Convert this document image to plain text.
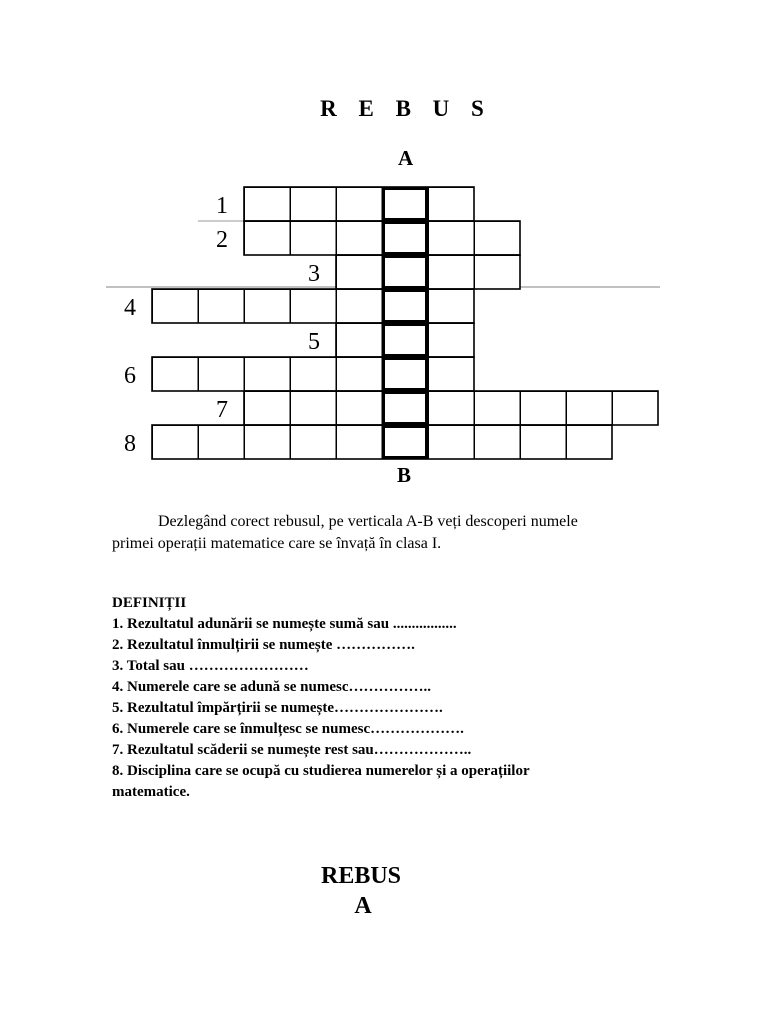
R E B U S
A
1
2
3
4
5
6
7
8
B
Dezlegând corect rebusul, pe verticala A-B veți descoperi numele
primei operații matematice care se învață în clasa I.
DEFINIȚII
1. Rezultatul adunării se numește sumă sau .................
2. Rezultatul înmulțirii se numește …………….
3. Total sau ……………………
4. Numerele care se adună se numesc……………..
5. Rezultatul împărțirii se numește………………….
6. Numerele care se înmulțesc se numesc……………….
7. Rezultatul scăderii se numește rest sau………………..
8. Disciplina care se ocupă cu studierea numerelor și a operațiilor
matematice.
REBUS
A
